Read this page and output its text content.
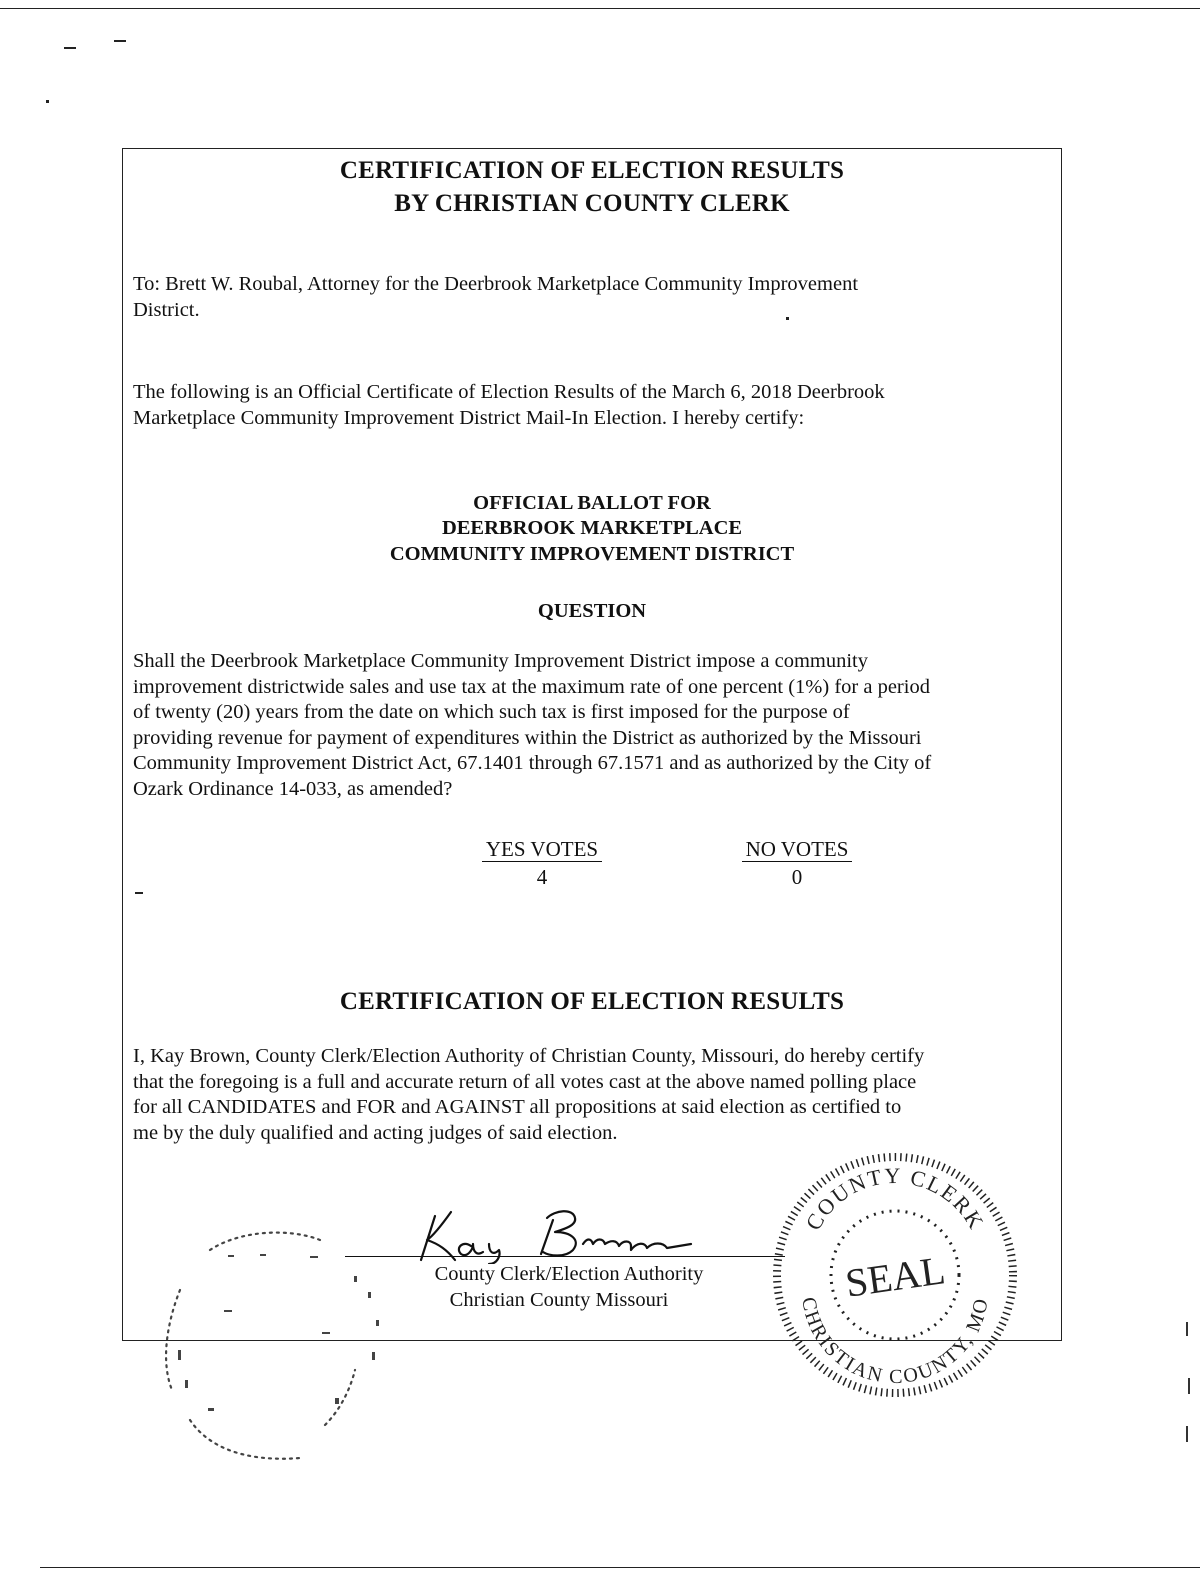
CERTIFICATION OF ELECTION RESULTS
BY CHRISTIAN COUNTY CLERK
To: Brett W. Roubal, Attorney for the Deerbrook Marketplace Community Improvement
District.
The following is an Official Certificate of Election Results of the March 6, 2018 Deerbrook
Marketplace Community Improvement District Mail-In Election. I hereby certify:
OFFICIAL BALLOT FOR
DEERBROOK MARKETPLACE
COMMUNITY IMPROVEMENT DISTRICT
QUESTION
Shall the Deerbrook Marketplace Community Improvement District impose a community
improvement districtwide sales and use tax at the maximum rate of one percent (1%) for a period
of twenty (20) years from the date on which such tax is first imposed for the purpose of
providing revenue for payment of expenditures within the District as authorized by the Missouri
Community Improvement District Act, 67.1401 through 67.1571 and as authorized by the City of
Ozark Ordinance 14-033, as amended?
YES VOTES
4
NO VOTES
0
CERTIFICATION OF ELECTION RESULTS
I, Kay Brown, County Clerk/Election Authority of Christian County, Missouri, do hereby certify
that the foregoing is a full and accurate return of all votes cast at the above named polling place
for all CANDIDATES and FOR and AGAINST all propositions at said election as certified to
me by the duly qualified and acting judges of said election.
County Clerk/Election Authority
Christian County Missouri
COUNTY CLERK
CHRISTIAN COUNTY, MO
SEAL
